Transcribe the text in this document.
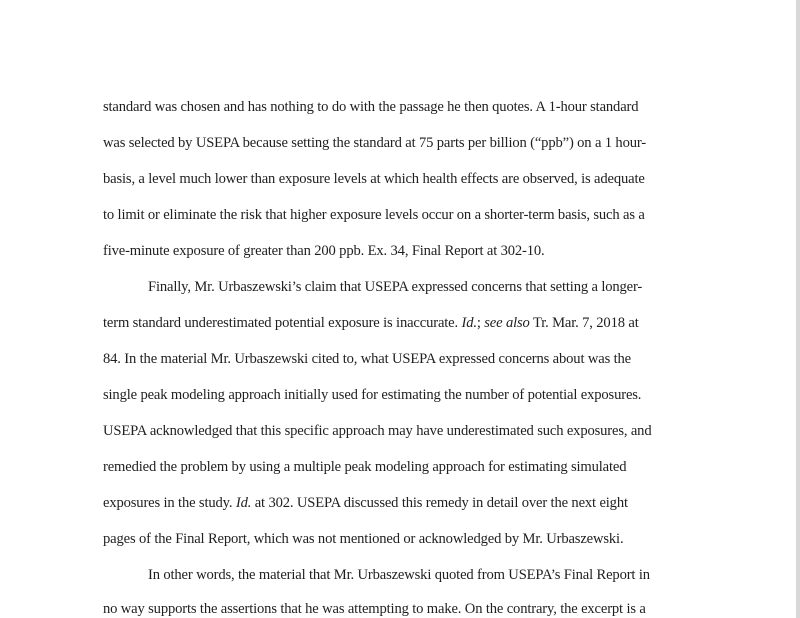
standard was chosen and has nothing to do with the passage he then quotes. A 1-hour standard
was selected by USEPA because setting the standard at 75 parts per billion (“ppb”) on a 1 hour-
basis, a level much lower than exposure levels at which health effects are observed, is adequate
to limit or eliminate the risk that higher exposure levels occur on a shorter-term basis, such as a
five-minute exposure of greater than 200 ppb. Ex. 34, Final Report at 302-10.
Finally, Mr. Urbaszewski’s claim that USEPA expressed concerns that setting a longer-
term standard underestimated potential exposure is inaccurate. Id.; see also Tr. Mar. 7, 2018 at
84. In the material Mr. Urbaszewski cited to, what USEPA expressed concerns about was the
single peak modeling approach initially used for estimating the number of potential exposures.
USEPA acknowledged that this specific approach may have underestimated such exposures, and
remedied the problem by using a multiple peak modeling approach for estimating simulated
exposures in the study. Id. at 302. USEPA discussed this remedy in detail over the next eight
pages of the Final Report, which was not mentioned or acknowledged by Mr. Urbaszewski.
In other words, the material that Mr. Urbaszewski quoted from USEPA’s Final Report in
no way supports the assertions that he was attempting to make. On the contrary, the excerpt is a
